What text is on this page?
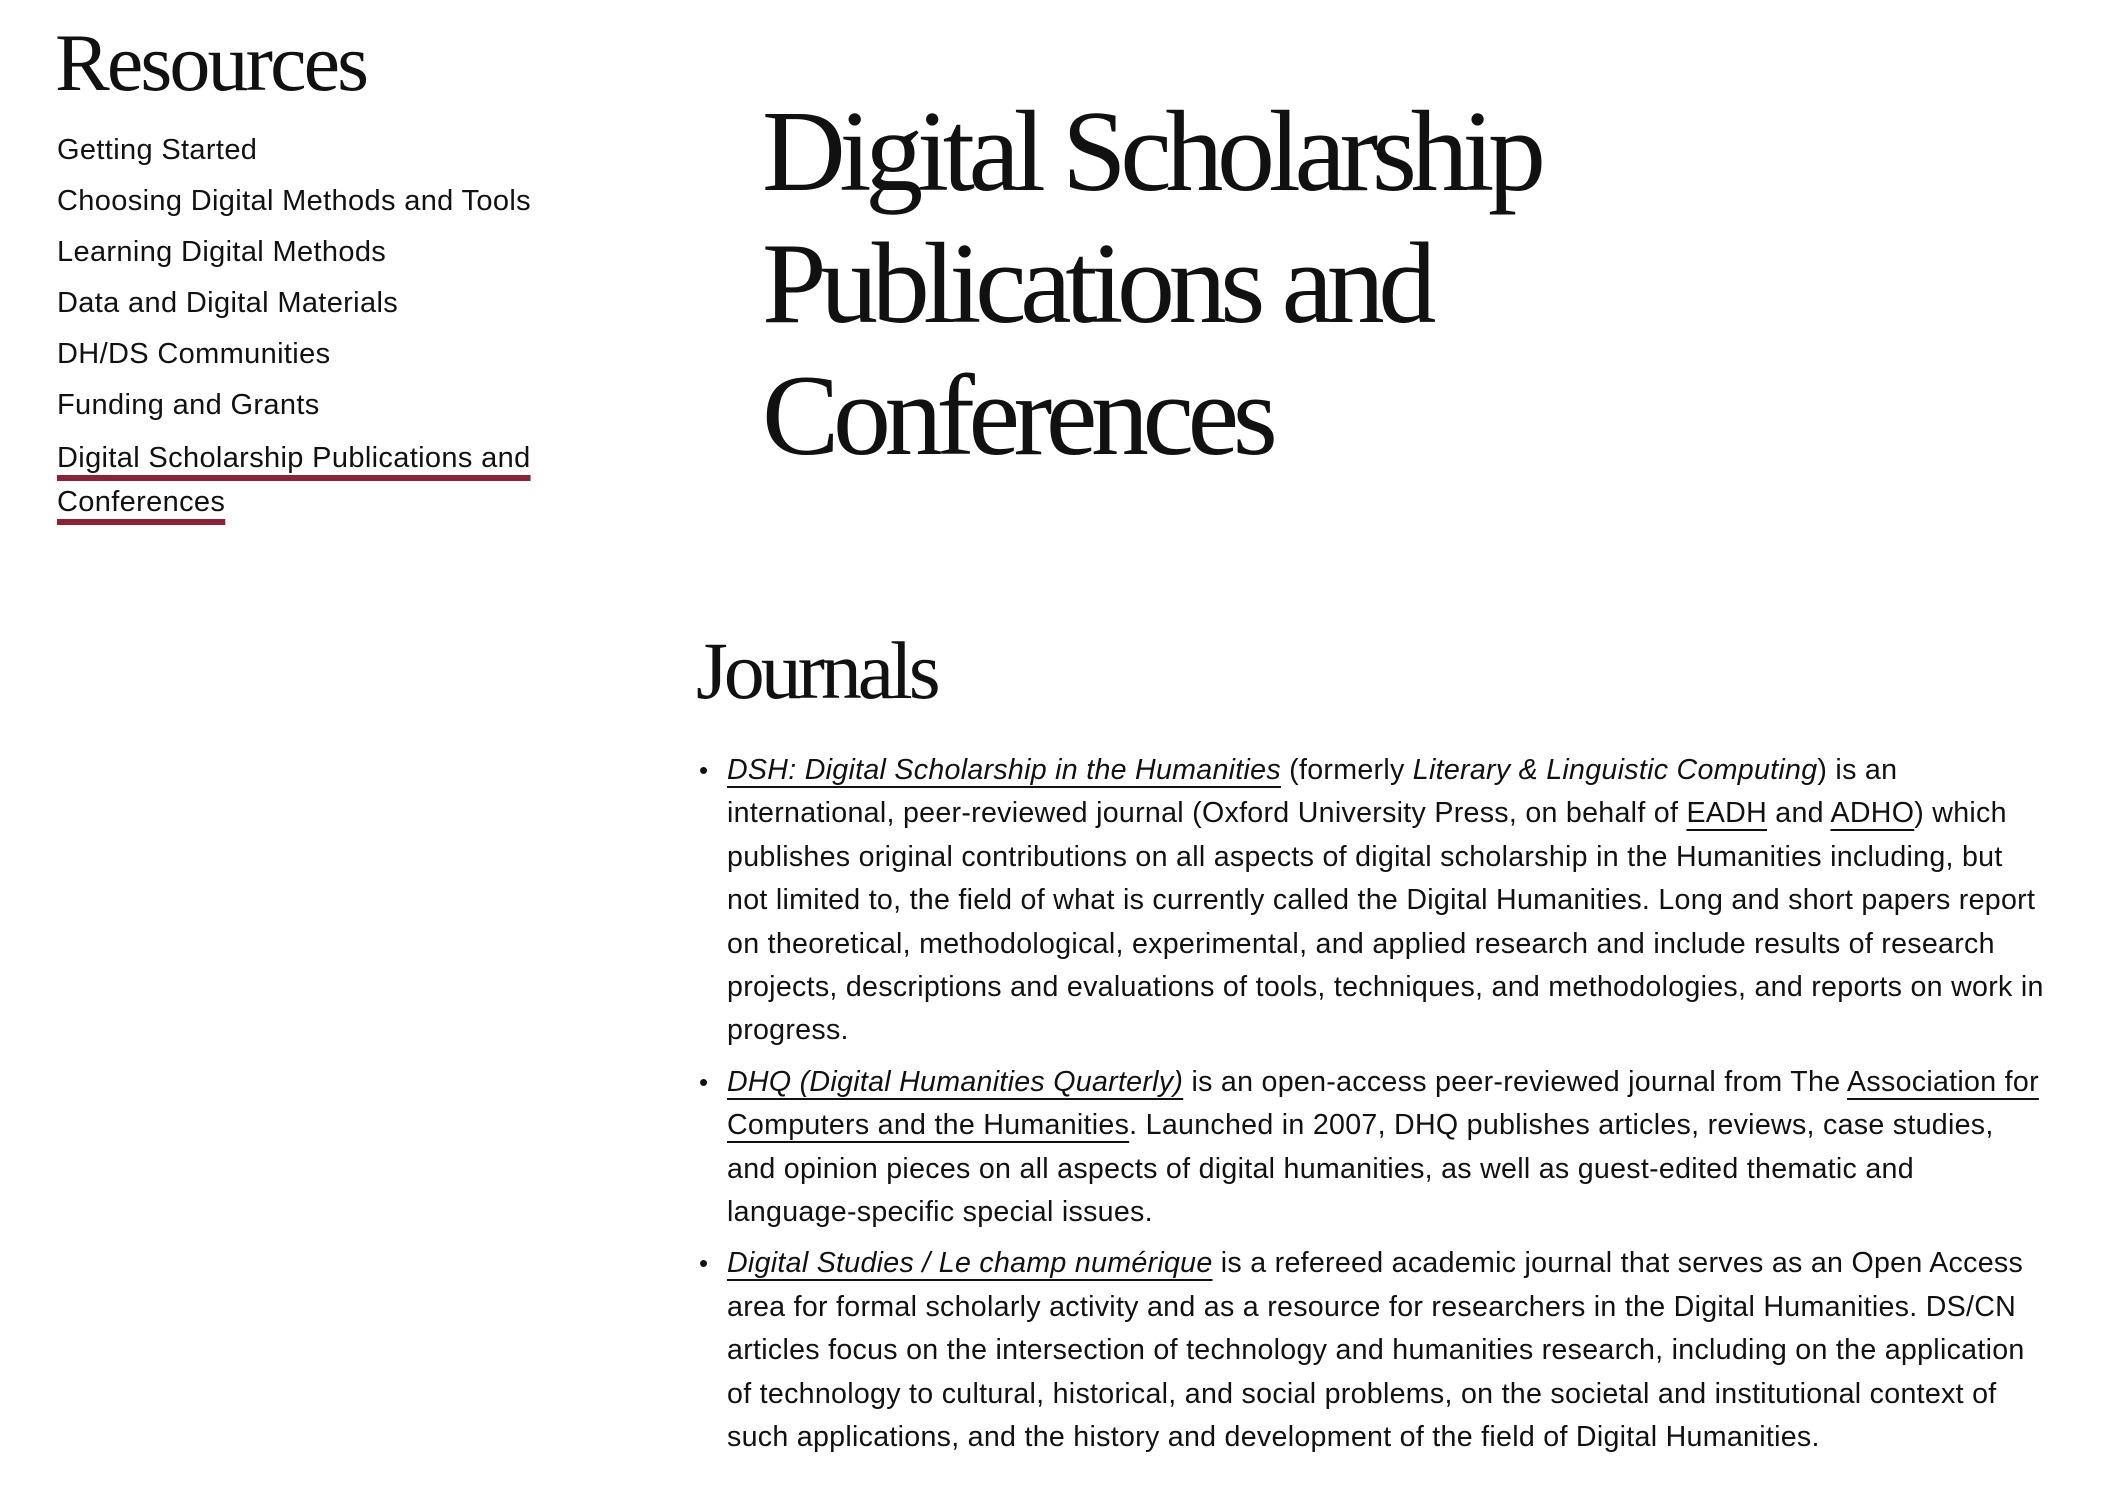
Resources
Getting Started
Choosing Digital Methods and Tools
Learning Digital Methods
Data and Digital Materials
DH/DS Communities
Funding and Grants
Digital Scholarship Publications and Conferences
Digital Scholarship Publications and Conferences
Journals
• DSH: Digital Scholarship in the Humanities (formerly Literary & Linguistic Computing) is an international, peer-reviewed journal (Oxford University Press, on behalf of EADH and ADHO) which publishes original contributions on all aspects of digital scholarship in the Humanities including, but not limited to, the field of what is currently called the Digital Humanities. Long and short papers report on theoretical, methodological, experimental, and applied research and include results of research projects, descriptions and evaluations of tools, techniques, and methodologies, and reports on work in progress.
• DHQ (Digital Humanities Quarterly) is an open-access peer-reviewed journal from The Association for Computers and the Humanities. Launched in 2007, DHQ publishes articles, reviews, case studies, and opinion pieces on all aspects of digital humanities, as well as guest-edited thematic and language-specific special issues.
• Digital Studies / Le champ numérique is a refereed academic journal that serves as an Open Access area for formal scholarly activity and as a resource for researchers in the Digital Humanities. DS/CN articles focus on the intersection of technology and humanities research, including on the application of technology to cultural, historical, and social problems, on the societal and institutional context of such applications, and the history and development of the field of Digital Humanities.
